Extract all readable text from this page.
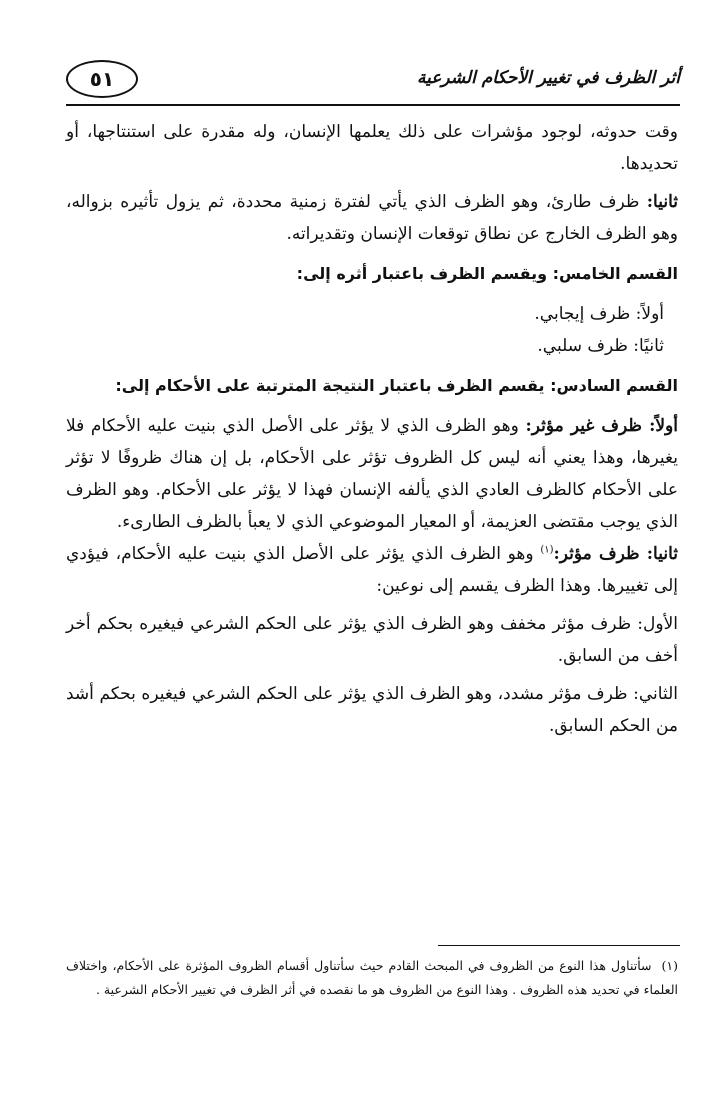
أثر الظرف في تغيير الأحكام الشرعية
٥١

وقت حدوثه، لوجود مؤشرات على ذلك يعلمها الإنسان، وله مقدرة على استنتاجها، أو تحديدها.

ثانيا: ظرف طارئ، وهو الظرف الذي يأتي لفترة زمنية محددة، ثم يزول تأثيره بزواله، وهو الظرف الخارج عن نطاق توقعات الإنسان وتقديراته.

القسم الخامس: ويقسم الظرف باعتبار أثره إلى:

أولاً: ظرف إيجابي.

ثانيًا: ظرف سلبي.

القسم السادس: يقسم الظرف باعتبار النتيجة المترتبة على الأحكام إلى:

أولاً: ظرف غير مؤثر: وهو الظرف الذي لا يؤثر على الأصل الذي بنيت عليه الأحكام فلا يغيرها، وهذا يعني أنه ليس كل الظروف تؤثر على الأحكام، بل إن هناك ظروفًا لا تؤثر على الأحكام كالظرف العادي الذي يألفه الإنسان فهذا لا يؤثر على الأحكام. وهو الظرف الذي يوجب مقتضى العزيمة، أو المعيار الموضوعي الذي لا يعبأ بالظرف الطارىء.

ثانيا: ظرف مؤثر:$^{(١)}$ وهو الظرف الذي يؤثر على الأصل الذي بنيت عليه الأحكام، فيؤدي إلى تغييرها. وهذا الظرف يقسم إلى نوعين:

الأول: ظرف مؤثر مخفف وهو الظرف الذي يؤثر على الحكم الشرعي فيغيره بحكم أخر أخف من السابق.

الثاني: ظرف مؤثر مشدد، وهو الظرف الذي يؤثر على الحكم الشرعي فيغيره بحكم أشد من الحكم السابق.

(١)سأتناول هذا النوع من الظروف في المبحث القادم حيث سأتناول أقسام الظروف المؤثرة على الأحكام، واختلاف العلماء في تحديد هذه الظروف . وهذا النوع من الظروف هو ما نقصده في أثر الظرف في تغيير الأحكام الشرعية .
